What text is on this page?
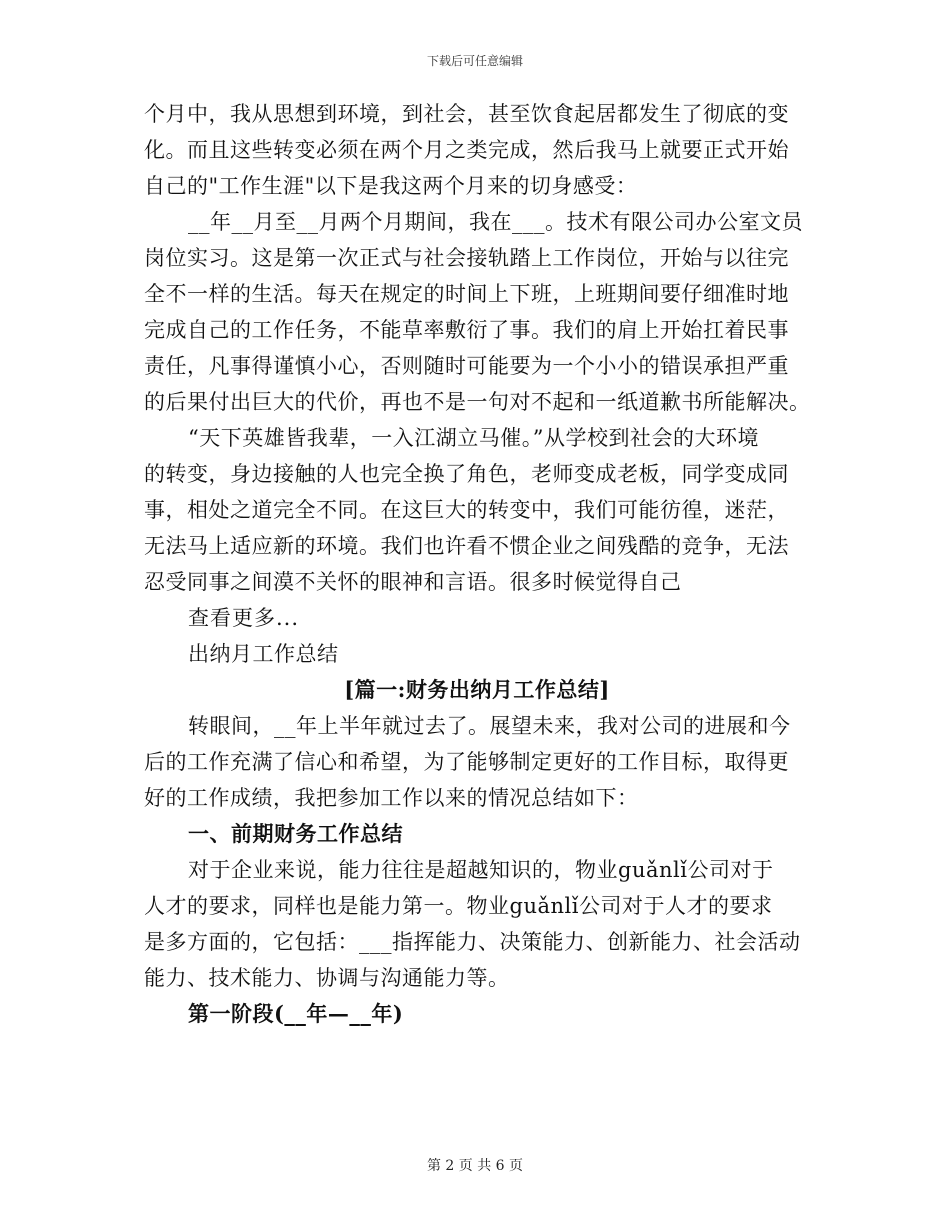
下载后可任意编辑
个月中，我从思想到环境，到社会，甚至饮食起居都发生了彻底的变
化。而且这些转变必须在两个月之类完成，然后我马上就要正式开始
自己的"工作生涯"以下是我这两个月来的切身感受：
__年__月至__月两个月期间，我在___。技术有限公司办公室文员
岗位实习。这是第一次正式与社会接轨踏上工作岗位，开始与以往完
全不一样的生活。每天在规定的时间上下班，上班期间要仔细准时地
完成自己的工作任务，不能草率敷衍了事。我们的肩上开始扛着民事
责任，凡事得谨慎小心，否则随时可能要为一个小小的错误承担严重
的后果付出巨大的代价，再也不是一句对不起和一纸道歉书所能解决。
“天下英雄皆我辈，一入江湖立马催。”从学校到社会的大环境
的转变，身边接触的人也完全换了角色，老师变成老板，同学变成同
事，相处之道完全不同。在这巨大的转变中，我们可能彷徨，迷茫，
无法马上适应新的环境。我们也许看不惯企业之间残酷的竞争，无法
忍受同事之间漠不关怀的眼神和言语。很多时候觉得自己
查看更多...
出纳月工作总结
[篇一:财务出纳月工作总结]
转眼间，__年上半年就过去了。展望未来，我对公司的进展和今
后的工作充满了信心和希望，为了能够制定更好的工作目标，取得更
好的工作成绩，我把参加工作以来的情况总结如下：
一、前期财务工作总结
对于企业来说，能力往往是超越知识的，物业guǎnlǐ公司对于
人才的要求，同样也是能力第一。物业guǎnlǐ公司对于人才的要求
是多方面的，它包括：___指挥能力、决策能力、创新能力、社会活动
能力、技术能力、协调与沟通能力等。
第一阶段(__年—__年)
第 2 页 共 6 页
